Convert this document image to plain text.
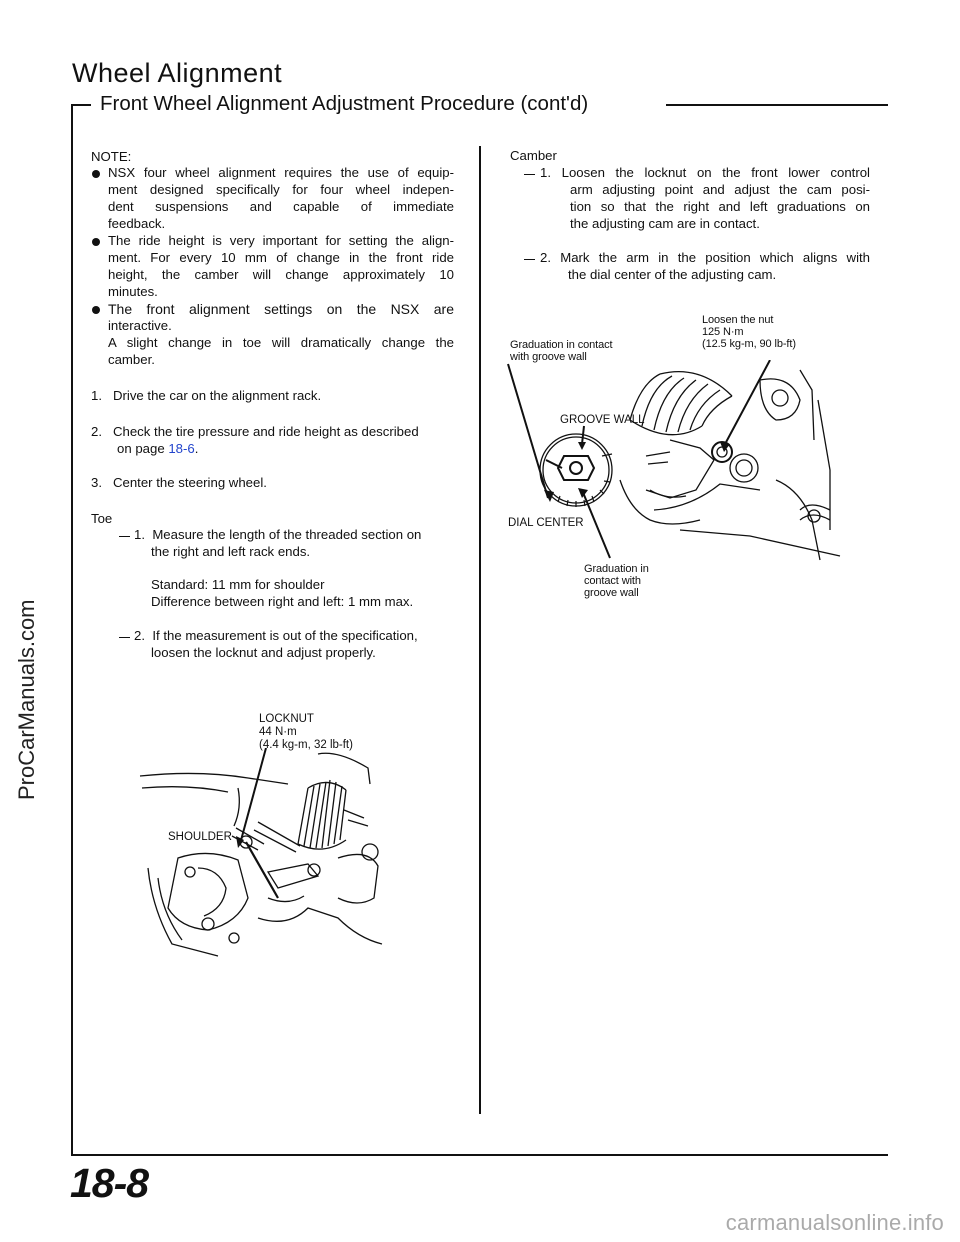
Wheel Alignment
Front Wheel Alignment Adjustment Procedure (cont'd)
NOTE:
NSX four wheel alignment requires the use of equip-
ment designed specifically for four wheel indepen-
dent suspensions and capable of immediate
feedback.
The ride height is very important for setting the align-
ment. For every 10 mm of change in the front ride
height, the camber will change approximately 10
minutes.
The front alignment settings on the NSX are
interactive.
A slight change in toe will dramatically change the
camber.
1.   Drive the car on the alignment rack.
2.   Check the tire pressure and ride height as described
on page 18-6.
3.   Center the steering wheel.
Toe
1.  Measure the length of the threaded section on
the right and left rack ends.
Standard: 11 mm for shoulder
Difference between right and left: 1 mm max.
2.  If the measurement is out of the specification,
loosen the locknut and adjust properly.
LOCKNUT
44 N·m
(4.4 kg-m, 32 lb-ft)
SHOULDER
Camber
1. Loosen the locknut on the front lower control
arm adjusting point and adjust the cam posi-
tion so that the right and left graduations on
the adjusting cam are in contact.
2. Mark the arm in the position which aligns with
the dial center of the adjusting cam.
Loosen the nut
125 N·m
(12.5 kg-m, 90 lb-ft)
Graduation in contact
with groove wall
GROOVE WALL
DIAL CENTER
Graduation in
contact with
groove wall
18-8
ProCarManuals.com
carmanualsonline.info
